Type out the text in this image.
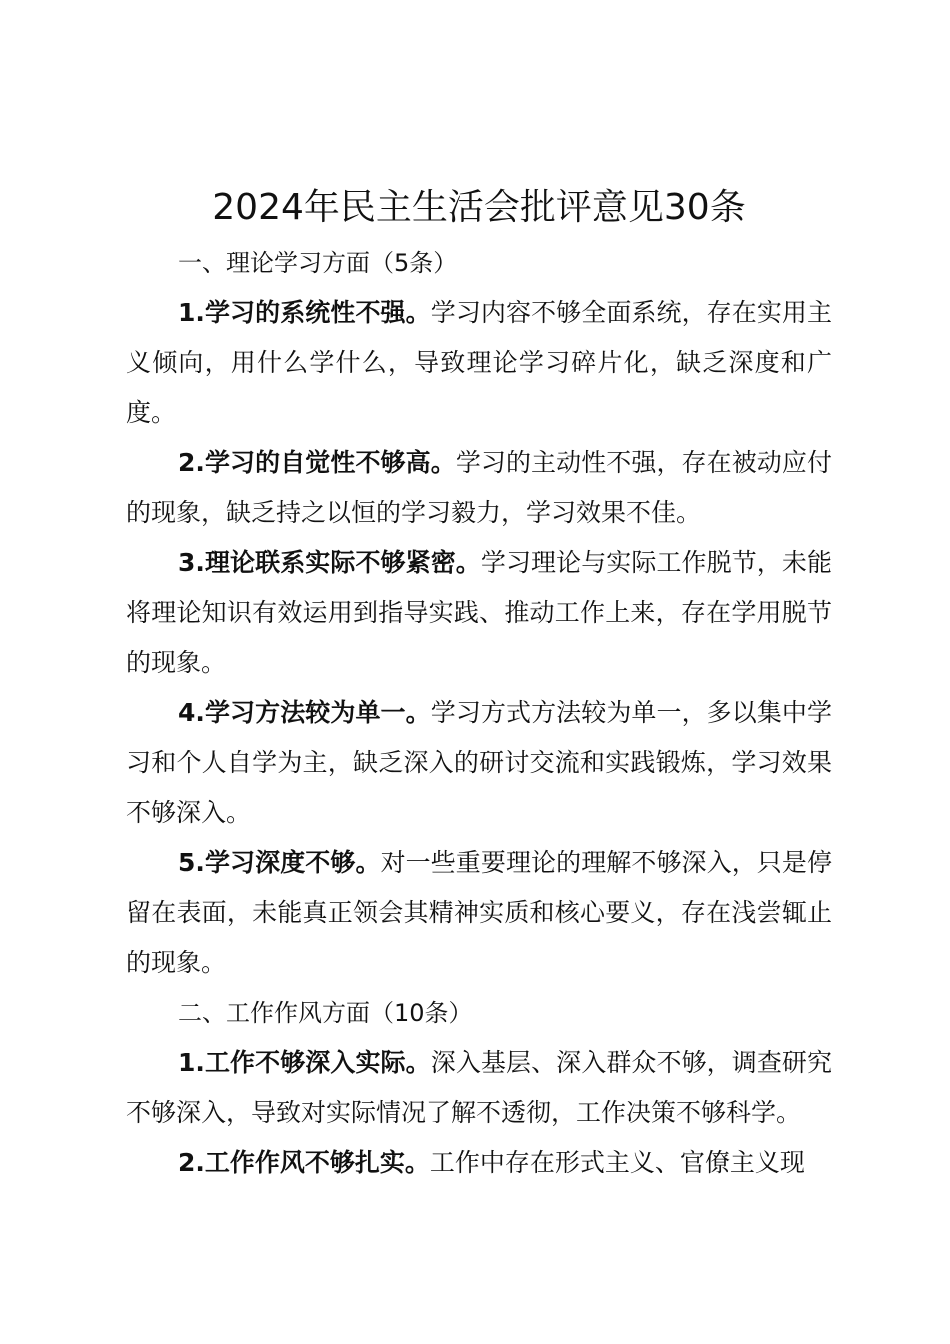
2024年民主生活会批评意见30条

一、理论学习方面（5条）

1.学习的系统性不强。学习内容不够全面系统，存在实用主义倾向，用什么学什么，导致理论学习碎片化，缺乏深度和广度。

2.学习的自觉性不够高。学习的主动性不强，存在被动应付的现象，缺乏持之以恒的学习毅力，学习效果不佳。

3.理论联系实际不够紧密。学习理论与实际工作脱节，未能将理论知识有效运用到指导实践、推动工作上来，存在学用脱节的现象。

4.学习方法较为单一。学习方式方法较为单一，多以集中学习和个人自学为主，缺乏深入的研讨交流和实践锻炼，学习效果不够深入。

5.学习深度不够。对一些重要理论的理解不够深入，只是停留在表面，未能真正领会其精神实质和核心要义，存在浅尝辄止的现象。

二、工作作风方面（10条）

1.工作不够深入实际。深入基层、深入群众不够，调查研究不够深入，导致对实际情况了解不透彻，工作决策不够科学。

2.工作作风不够扎实。工作中存在形式主义、官僚主义现
